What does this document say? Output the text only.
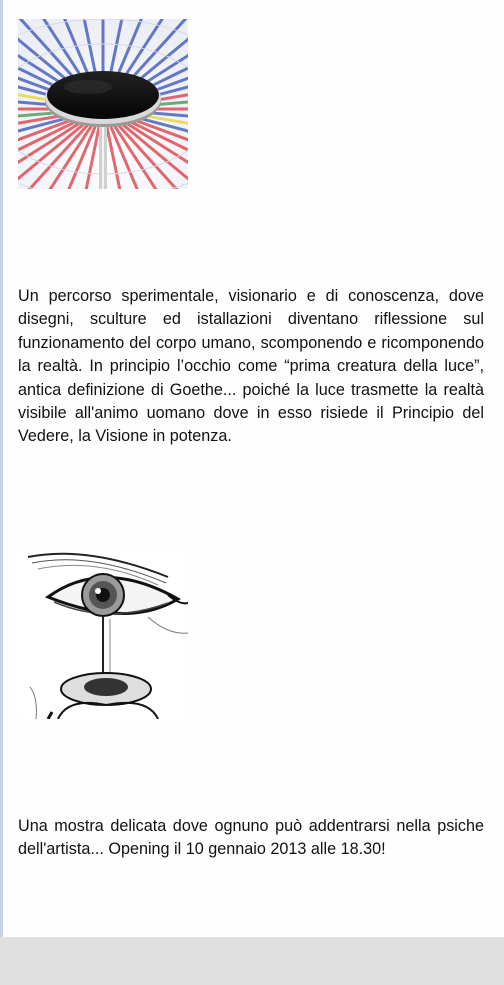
Un percorso sperimentale, visionario e di conoscenza, dove disegni, sculture ed istallazioni diventano riflessione sul funzionamento del corpo umano, scomponendo e ricomponendo la realtà. In principio l’occhio come “prima creatura della luce”, antica definizione di Goethe... poiché la luce trasmette la realtà visibile all'animo uomano dove in esso risiede il Principio del Vedere, la Visione in potenza.

Una mostra delicata dove ognuno può addentrarsi nella psiche dell'artista... Opening il 10 gennaio 2013 alle 18.30!
